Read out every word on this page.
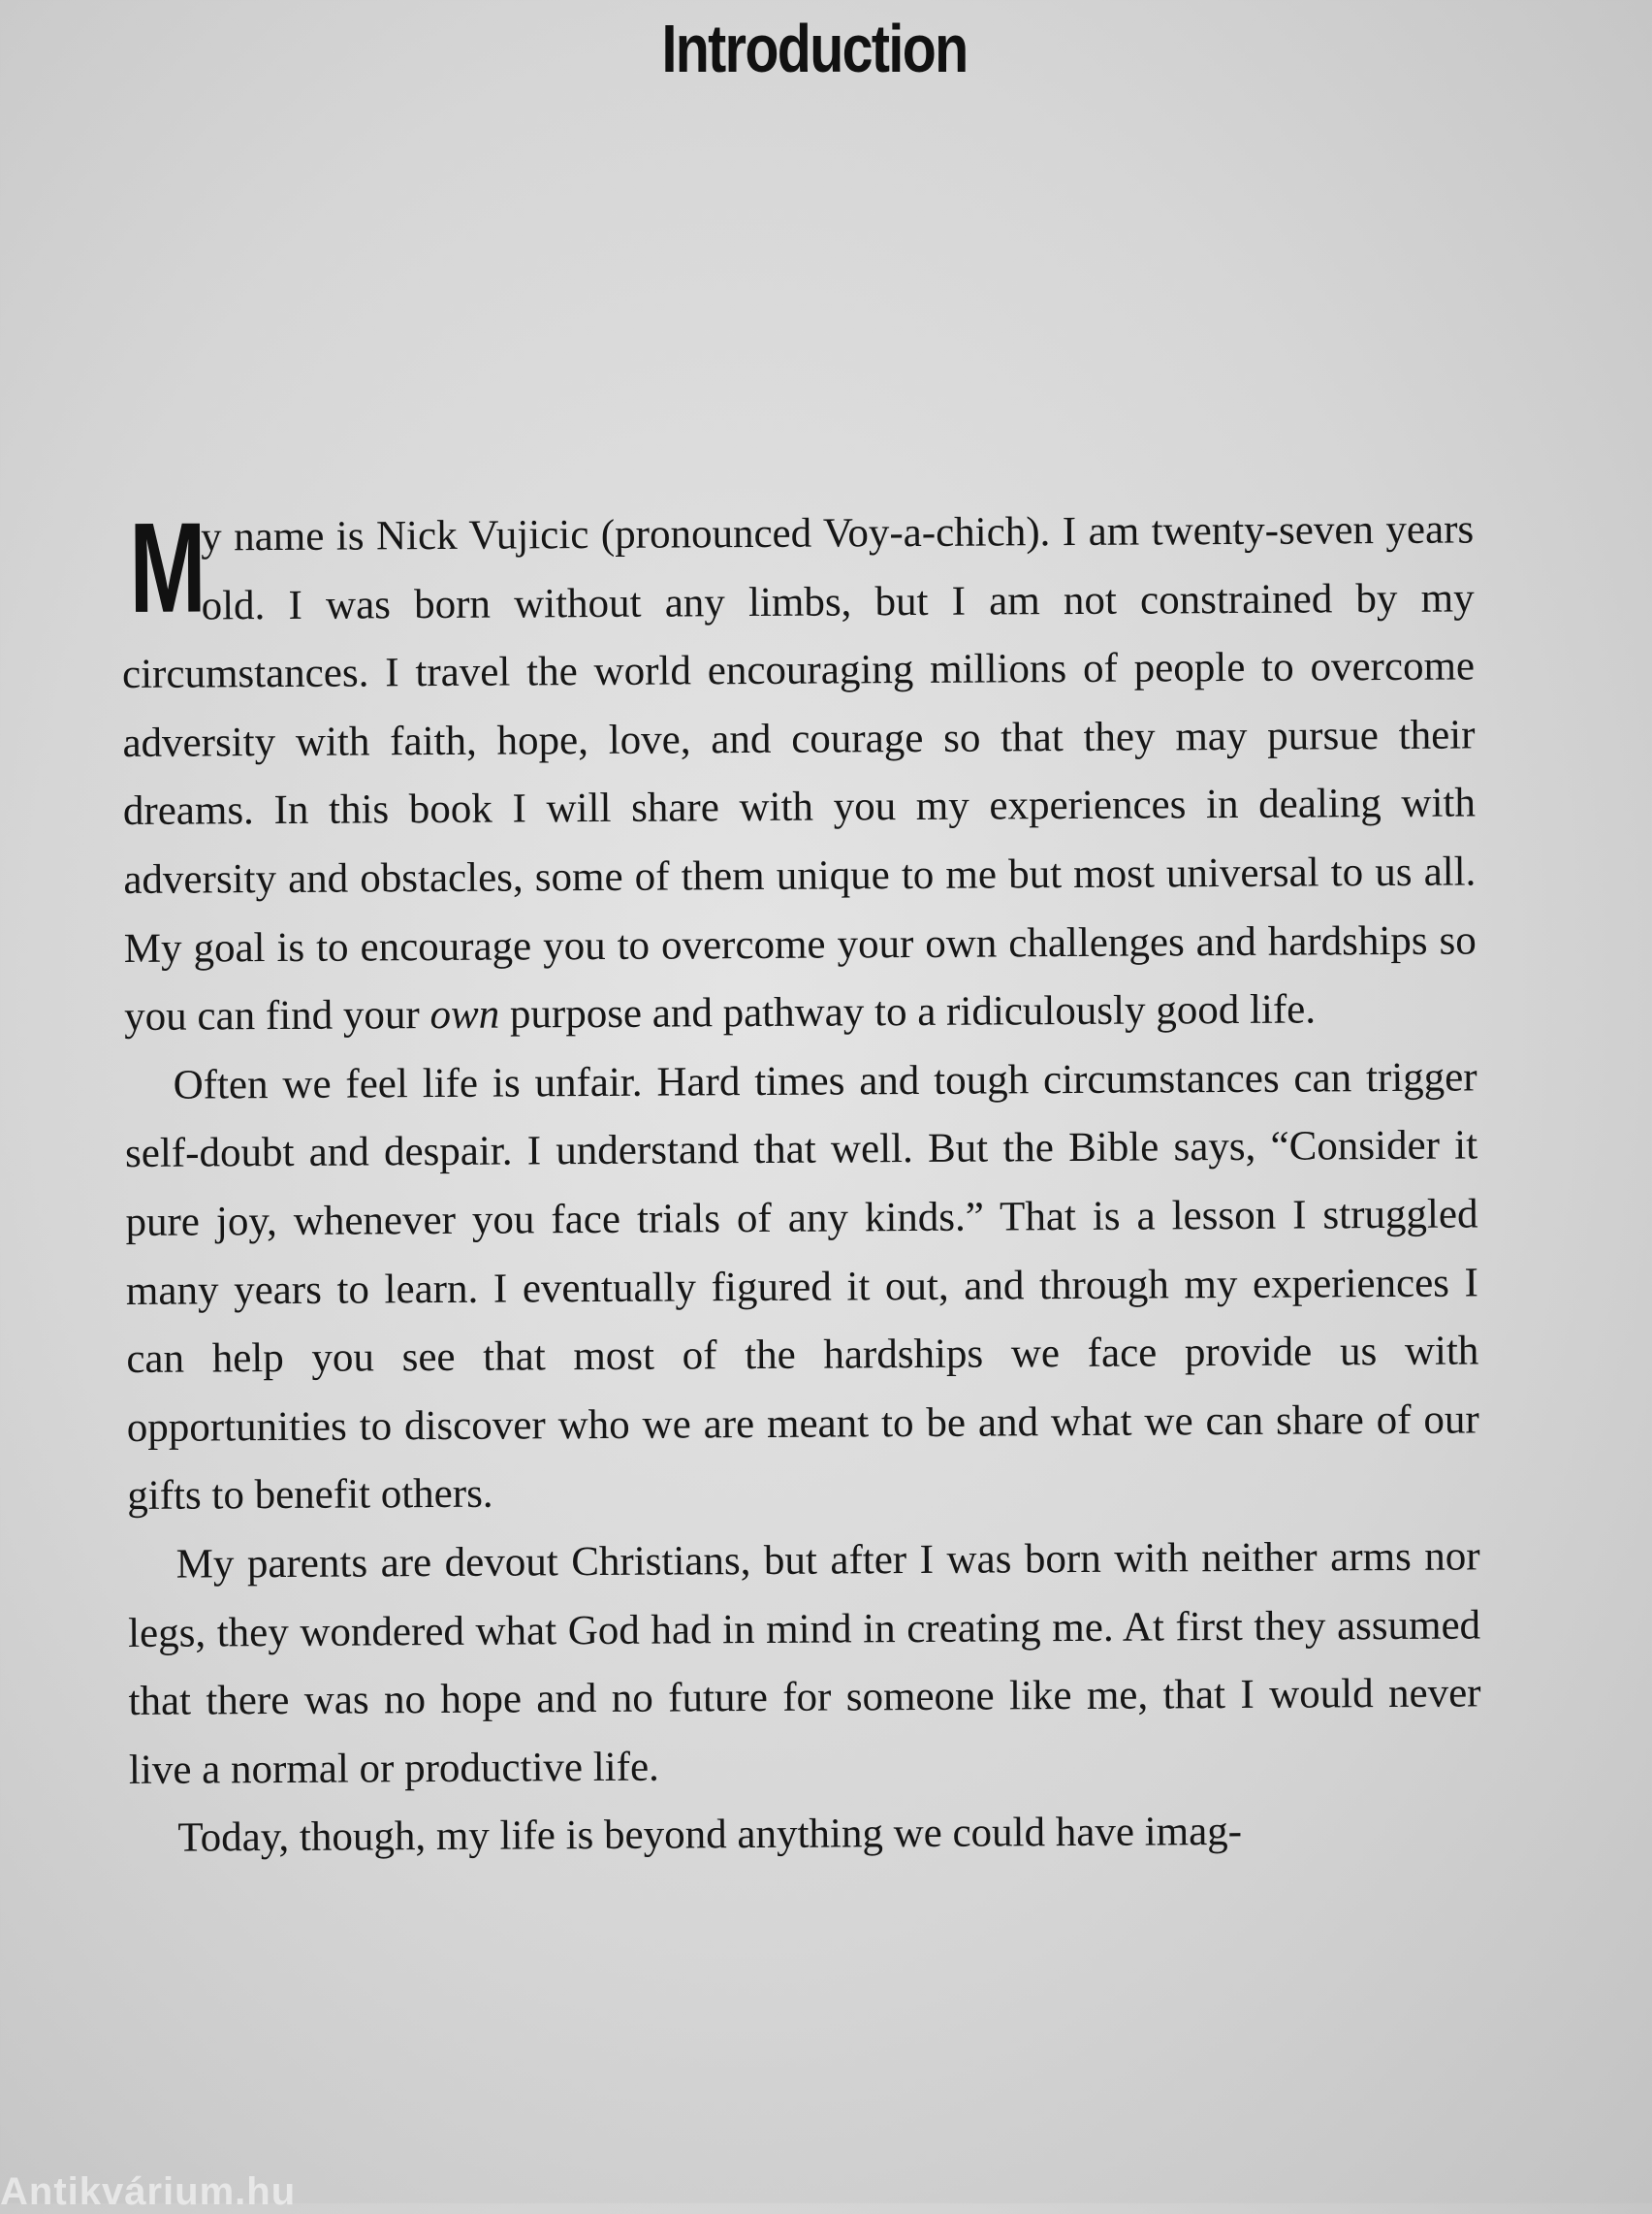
Introduction

M
y name is Nick Vujicic (pronounced Voy-a-chich). I am twenty-seven years old. I was born without any limbs, but I am not constrained by my circumstances. I travel the world encouraging millions of people to overcome adversity with faith, hope, love, and courage so that they may pursue their dreams. In this book I will share with you my experiences in dealing with adversity and obstacles, some of them unique to me but most universal to us all. My goal is to encourage you to overcome your own challenges and hardships so you can find your own purpose and pathway to a ridiculously good life.

Often we feel life is unfair. Hard times and tough circumstances can trigger self-doubt and despair. I understand that well. But the Bible says, “Consider it pure joy, whenever you face trials of any kinds.” That is a lesson I struggled many years to learn. I eventually figured it out, and through my experiences I can help you see that most of the hardships we face provide us with opportunities to discover who we are meant to be and what we can share of our gifts to benefit others.

My parents are devout Christians, but after I was born with neither arms nor legs, they wondered what God had in mind in creating me. At first they assumed that there was no hope and no future for someone like me, that I would never live a normal or productive life.

Today, though, my life is beyond anything we could have imag-

Antikvárium.hu
